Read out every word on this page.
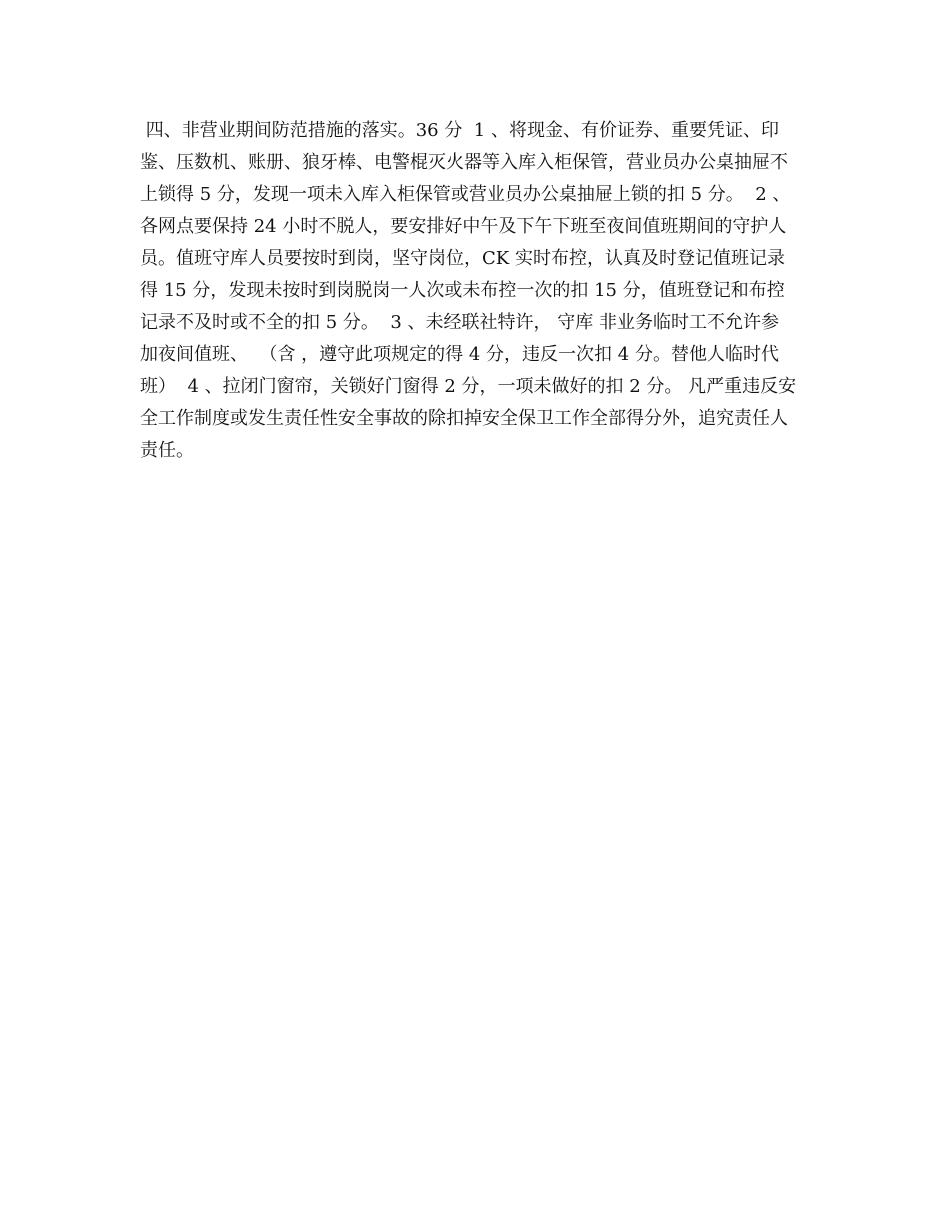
四、非营业期间防范措施的落实。36 分  1 、将现金、有价证券、重要凭证、印
鉴、压数机、账册、狼牙棒、电警棍灭火器等入库入柜保管，营业员办公桌抽屉不
上锁得 5 分，发现一项未入库入柜保管或营业员办公桌抽屉上锁的扣 5 分。  2 、
各网点要保持 24 小时不脱人，要安排好中午及下午下班至夜间值班期间的守护人
员。值班守库人员要按时到岗，坚守岗位，CK 实时布控，认真及时登记值班记录
得 15 分，发现未按时到岗脱岗一人次或未布控一次的扣 15 分，值班登记和布控
记录不及时或不全的扣 5 分。  3 、未经联社特许， 守库 非业务临时工不允许参
加夜间值班、  （含 ，遵守此项规定的得 4 分，违反一次扣 4 分。替他人临时代
班）  4 、拉闭门窗帘，关锁好门窗得 2 分，一项未做好的扣 2 分。 凡严重违反安
全工作制度或发生责任性安全事故的除扣掉安全保卫工作全部得分外，追究责任人
责任。
